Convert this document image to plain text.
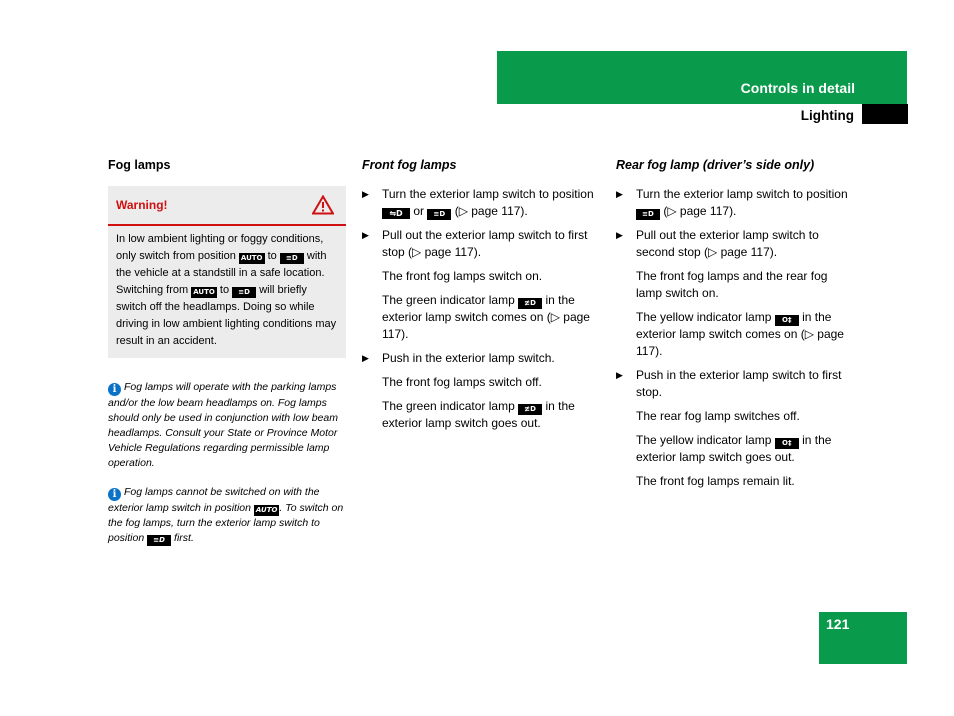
Controls in detail
Lighting
121
Fog lamps
Warning!
In low ambient lighting or foggy conditions, only switch from position AUTO to ≡D with the vehicle at a standstill in a safe location. Switching from AUTO to ≡D will briefly switch off the headlamps. Doing so while driving in low ambient lighting conditions may result in an accident.
i Fog lamps will operate with the parking lamps and/or the low beam headlamps on. Fog lamps should only be used in conjunction with low beam headlamps. Consult your State or Province Motor Vehicle Regulations regarding permissible lamp operation.
i Fog lamps cannot be switched on with the exterior lamp switch in position AUTO . To switch on the fog lamps, turn the exterior lamp switch to position ≡D first.
Front fog lamps
▶ Turn the exterior lamp switch to position ⇋D or ≡D (▷ page 117).
▶ Pull out the exterior lamp switch to first stop (▷ page 117).
The front fog lamps switch on.
The green indicator lamp ≢D in the exterior lamp switch comes on (▷ page 117).
▶ Push in the exterior lamp switch.
The front fog lamps switch off.
The green indicator lamp ≢D in the exterior lamp switch goes out.
Rear fog lamp (driver’s side only)
▶ Turn the exterior lamp switch to position ≡D (▷ page 117).
▶ Pull out the exterior lamp switch to second stop (▷ page 117).
The front fog lamps and the rear fog lamp switch on.
The yellow indicator lamp O‡ in the exterior lamp switch comes on (▷ page 117).
▶ Push in the exterior lamp switch to first stop.
The rear fog lamp switches off.
The yellow indicator lamp O‡ in the exterior lamp switch goes out.
The front fog lamps remain lit.
